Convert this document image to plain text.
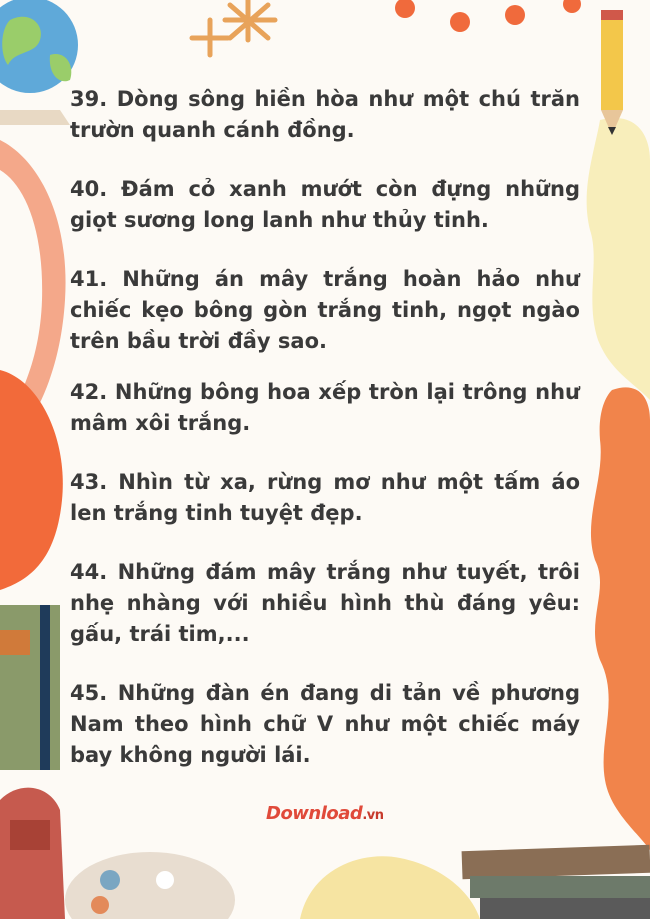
39. Dòng sông hiền hòa như một chú trăn trườn quanh cánh đồng.

40. Đám cỏ xanh mướt còn đựng những giọt sương long lanh như thủy tinh.

41. Những án mây trắng hoàn hảo như chiếc kẹo bông gòn trắng tinh, ngọt ngào trên bầu trời đầy sao.

42. Những bông hoa xếp tròn lại trông như mâm xôi trắng.

43. Nhìn từ xa, rừng mơ như một tấm áo len trắng tinh tuyệt đẹp.

44. Những đám mây trắng như tuyết, trôi nhẹ nhàng với nhiều hình thù đáng yêu: gấu, trái tim,...

45. Những đàn én đang di tản về phương Nam theo hình chữ V như một chiếc máy bay không người lái.

Download.vn
